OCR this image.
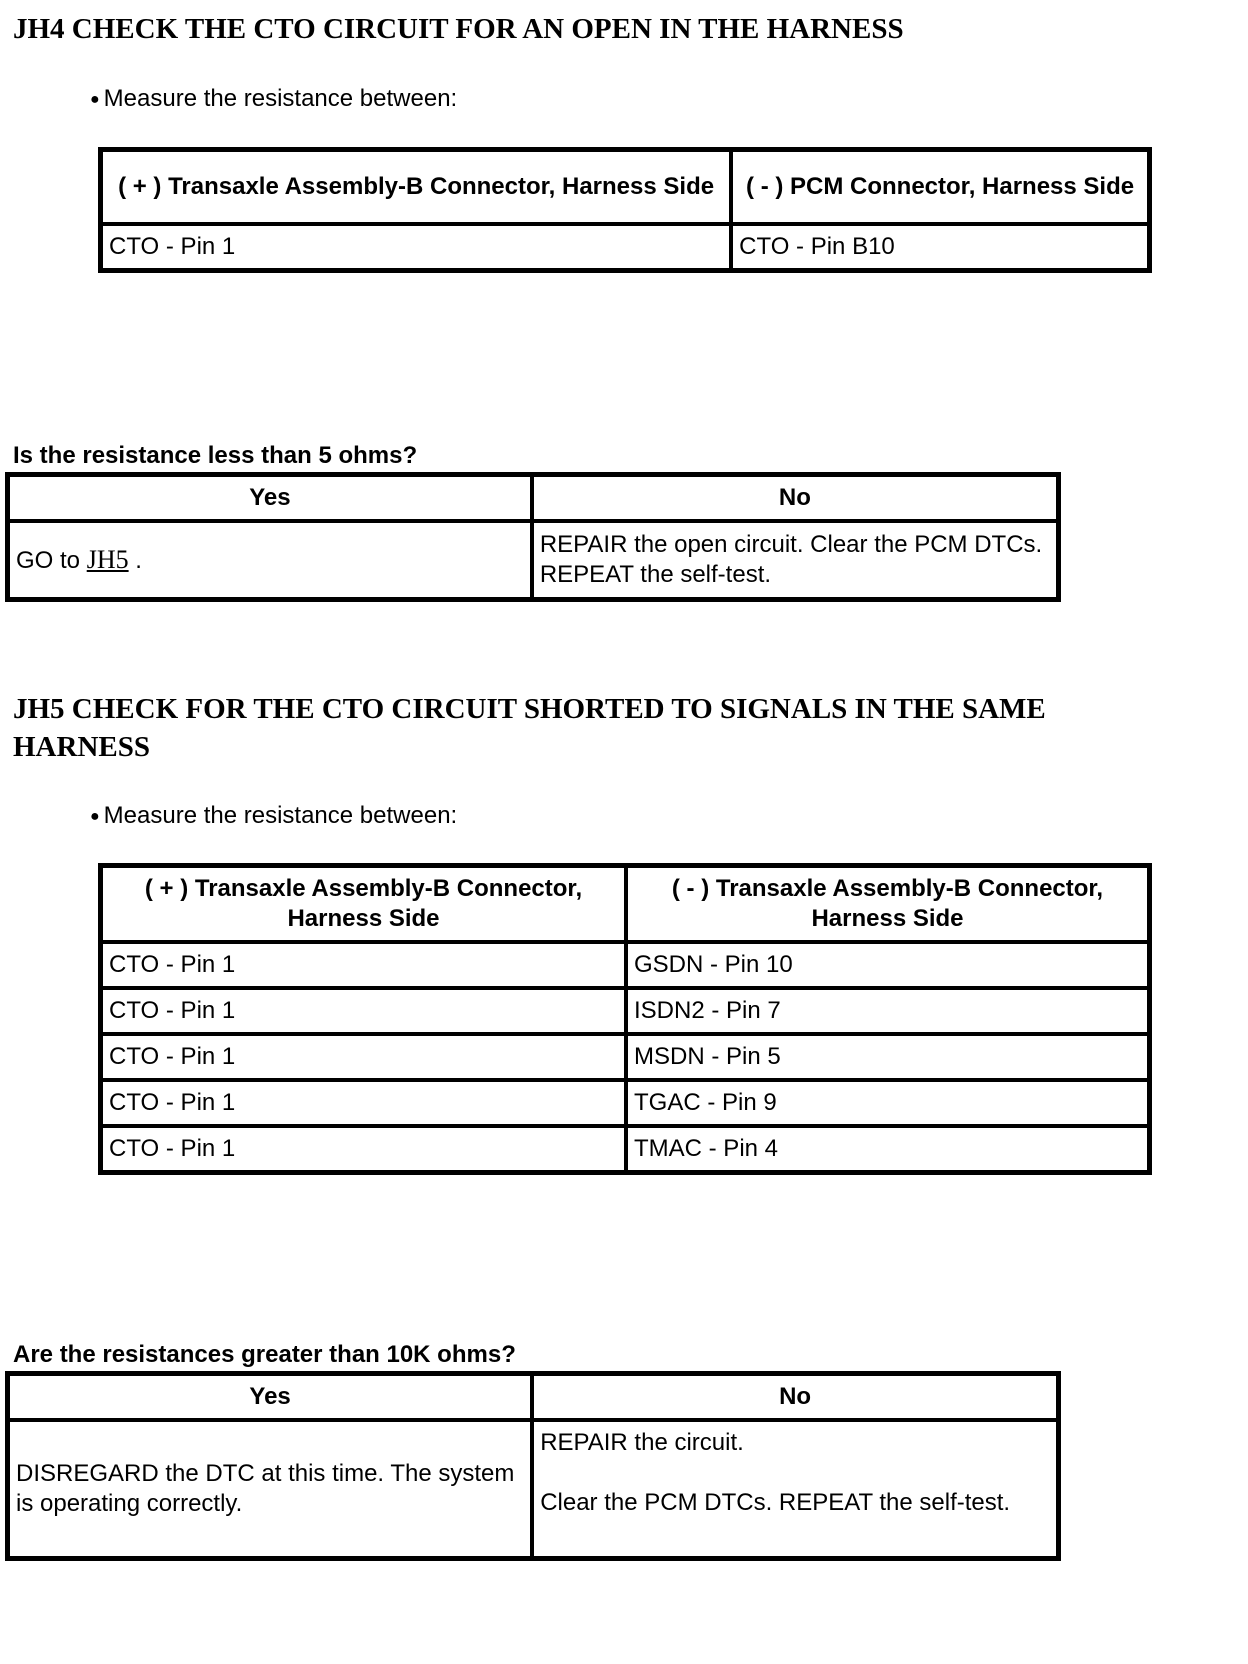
JH4 CHECK THE CTO CIRCUIT FOR AN OPEN IN THE HARNESS
● Measure the resistance between:
( + ) Transaxle Assembly-B Connector, Harness Side	( - ) PCM Connector, Harness Side
CTO - Pin 1	CTO - Pin B10
Is the resistance less than 5 ohms?
Yes	No
GO to JH5 .	REPAIR the open circuit. Clear the PCM DTCs. REPEAT the self-test.
JH5 CHECK FOR THE CTO CIRCUIT SHORTED TO SIGNALS IN THE SAME
HARNESS
● Measure the resistance between:
( + ) Transaxle Assembly-B Connector, Harness Side	( - ) Transaxle Assembly-B Connector, Harness Side
CTO - Pin 1	GSDN - Pin 10
CTO - Pin 1	ISDN2 - Pin 7
CTO - Pin 1	MSDN - Pin 5
CTO - Pin 1	TGAC - Pin 9
CTO - Pin 1	TMAC - Pin 4
Are the resistances greater than 10K ohms?
Yes	No
DISREGARD the DTC at this time. The system is operating correctly.	REPAIR the circuit.
Clear the PCM DTCs. REPEAT the self-test.
